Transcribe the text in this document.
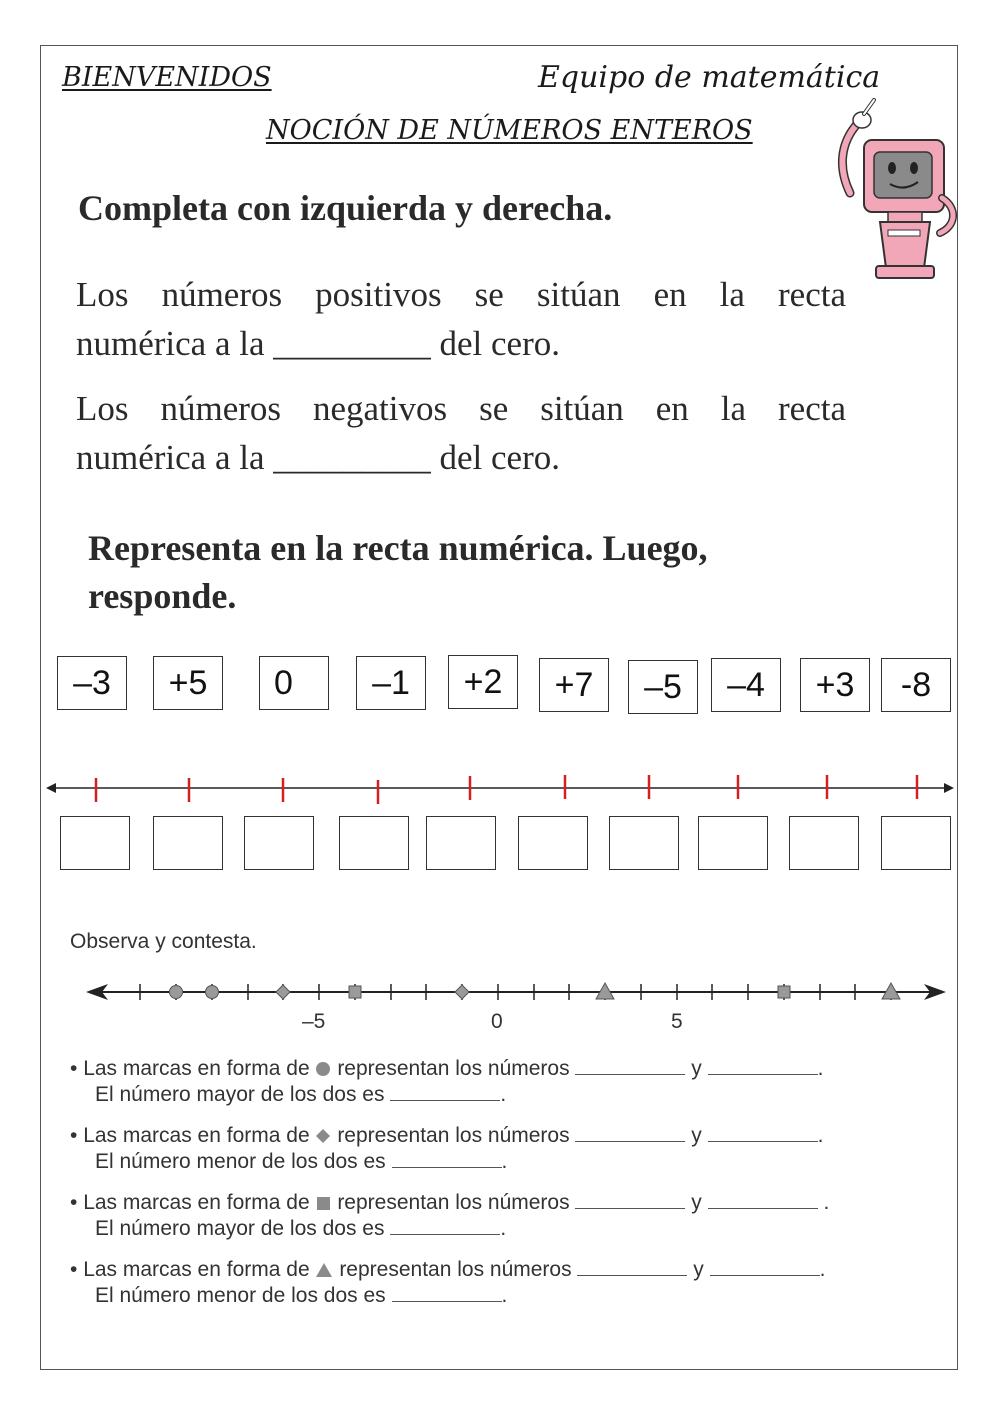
BIENVENIDOS	Equipo de matemática
NOCIÓN DE NÚMEROS ENTEROS
Completa con izquierda y derecha.
Los números positivos se sitúan en la recta
numérica a la _________ del cero.
Los números negativos se sitúan en la recta
numérica a la _________ del cero.
Representa en la recta numérica. Luego,
responde.
–3	+5	0	–1	+2	+7	–5	–4	+3	-8
Observa y contesta.
–5	0	5
• Las marcas en forma de representan los números	y	.
El número mayor de los dos es	.
• Las marcas en forma de representan los números	y	.
El número menor de los dos es	.
• Las marcas en forma de representan los números	y	.
El número mayor de los dos es	.
• Las marcas en forma de representan los números	y	.
El número menor de los dos es	.
